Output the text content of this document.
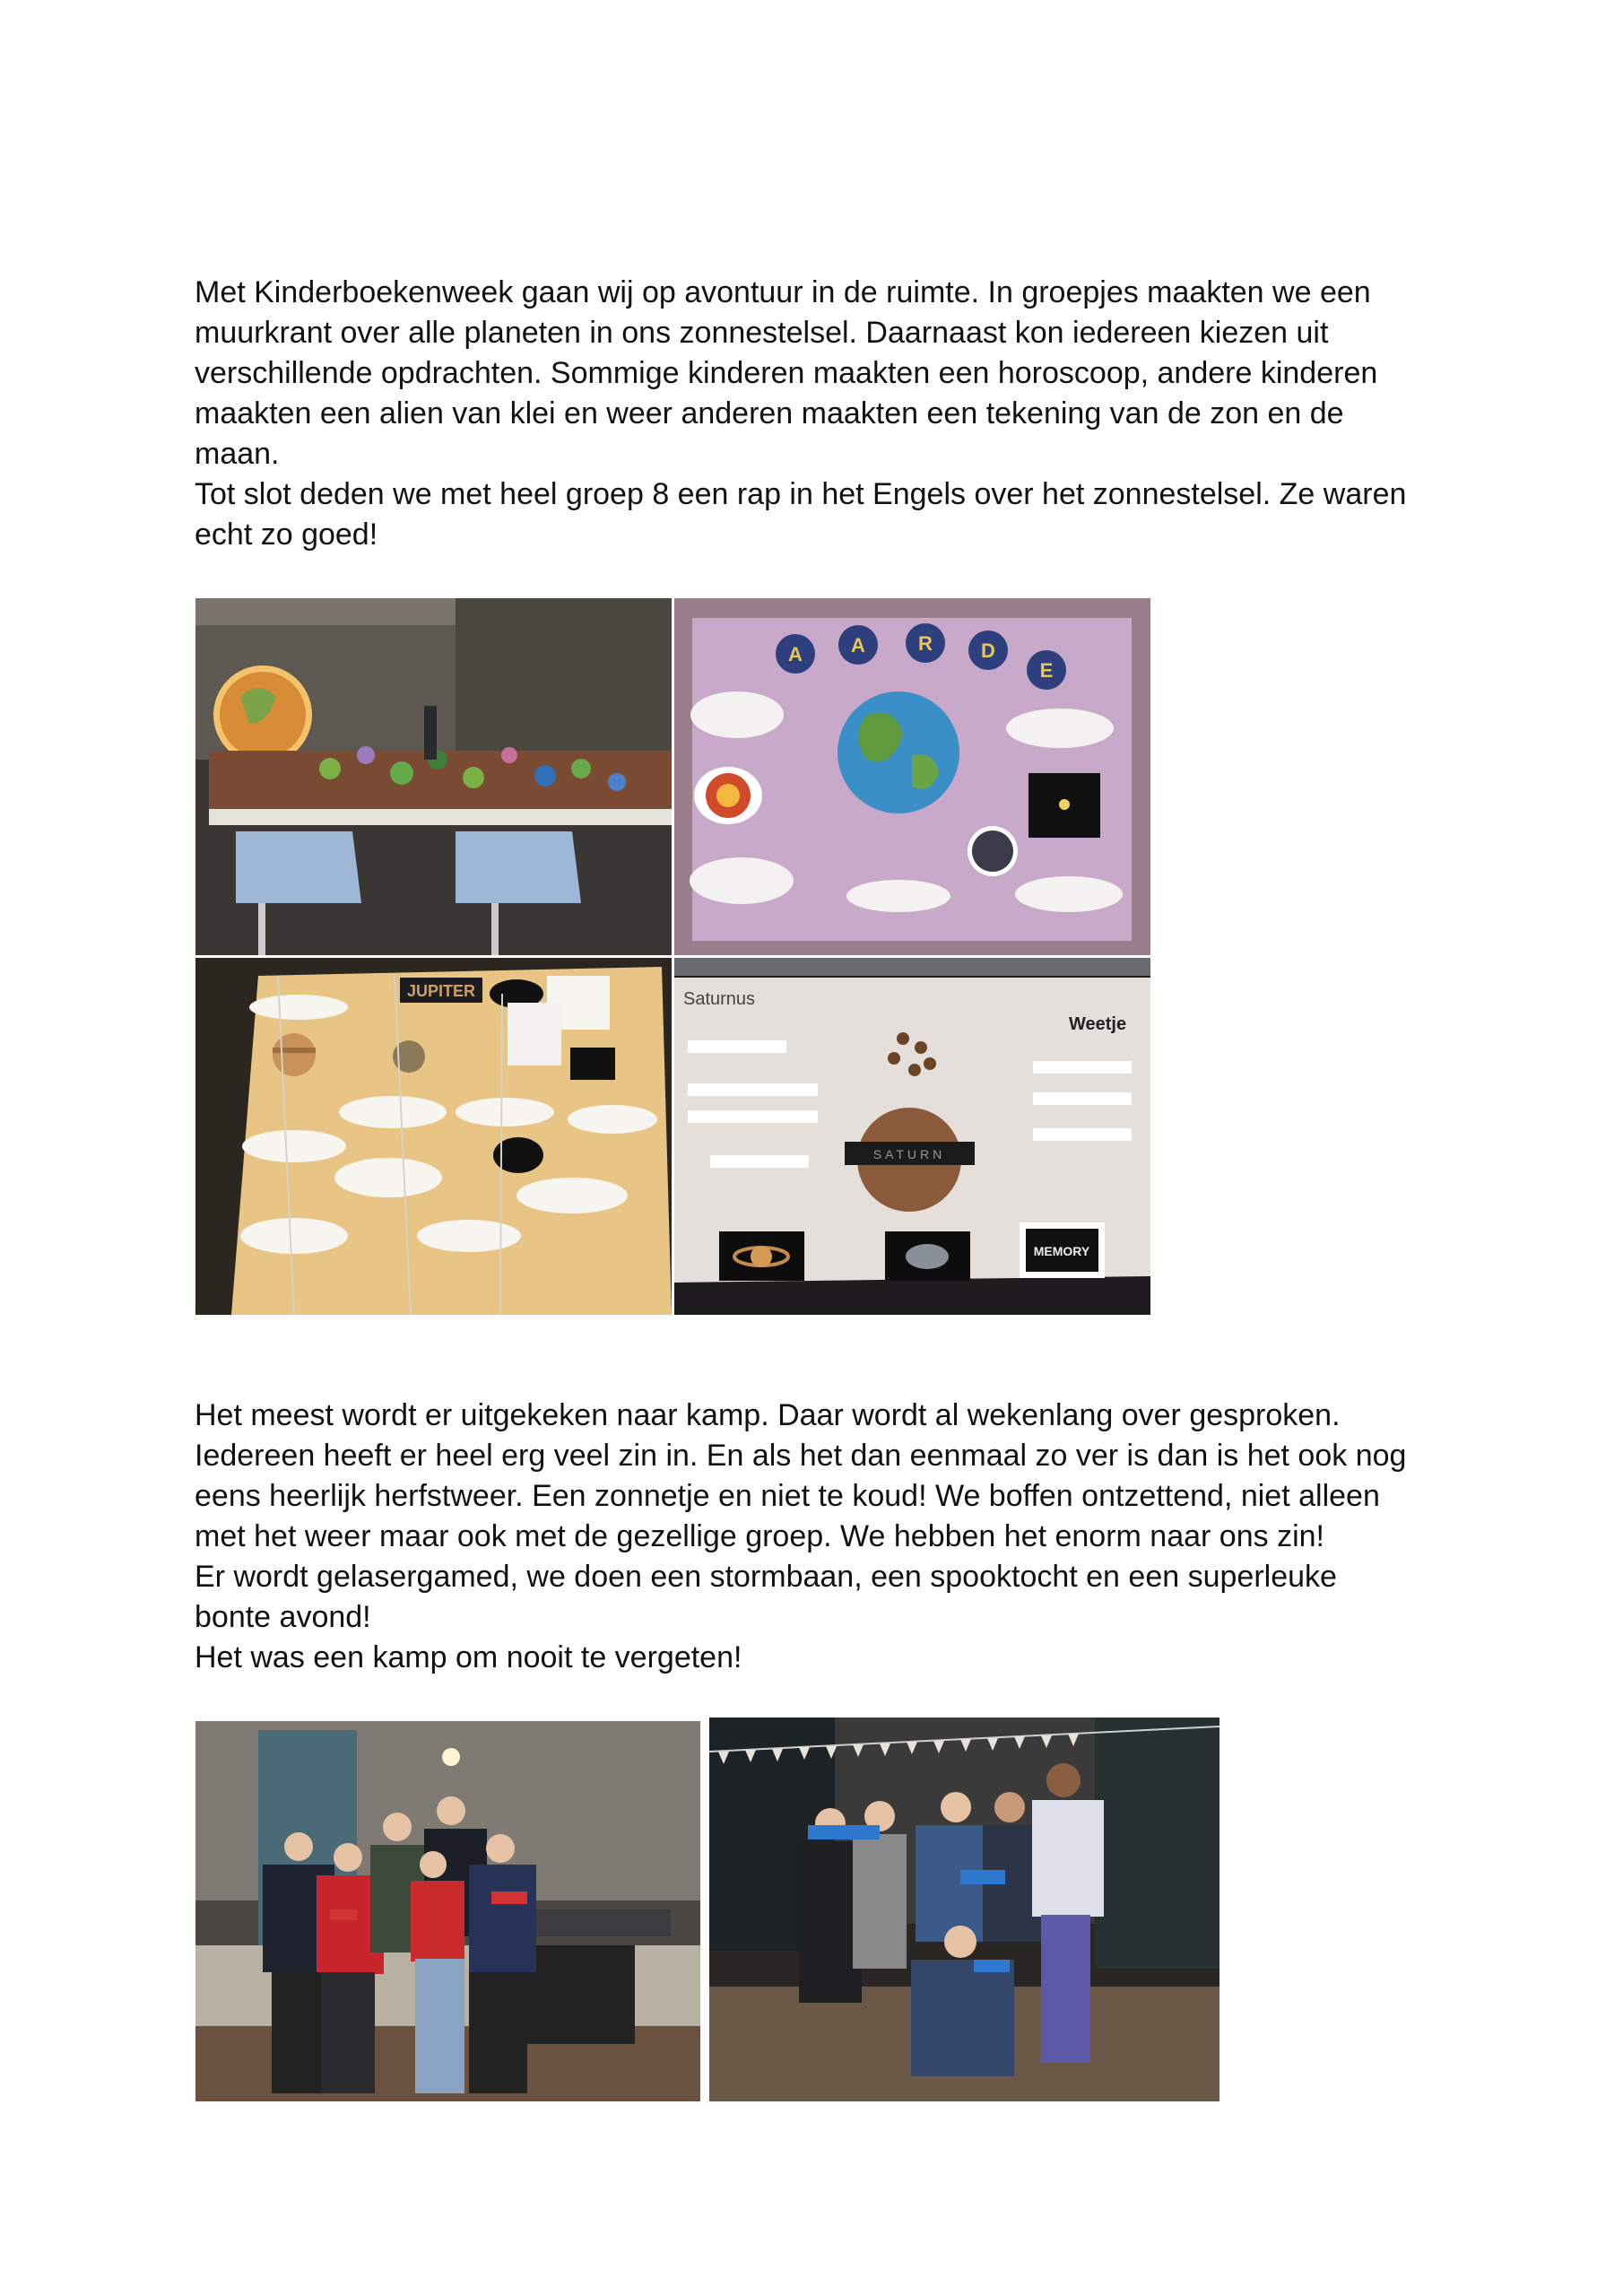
Met Kinderboekenweek gaan wij op avontuur in de ruimte. In groepjes maakten we een

muurkrant over alle planeten in ons zonnestelsel. Daarnaast kon iedereen kiezen uit

verschillende opdrachten. Sommige kinderen maakten een horoscoop, andere kinderen

maakten een alien van klei en weer anderen maakten een tekening van de zon en de

maan.

Tot slot deden we met heel groep 8 een rap in het Engels over het zonnestelsel. Ze waren

echt zo goed!

A A	R D
E
JUPITER	Saturnus
Weetje
SATURN
MEMORY

Het meest wordt er uitgekeken naar kamp. Daar wordt al wekenlang over gesproken.

Iedereen heeft er heel erg veel zin in. En als het dan eenmaal zo ver is dan is het ook nog

eens heerlijk herfstweer. Een zonnetje en niet te koud! We boffen ontzettend, niet alleen

met het weer maar ook met de gezellige groep. We hebben het enorm naar ons zin!

Er wordt gelasergamed, we doen een stormbaan, een spooktocht en een superleuke

bonte avond!

Het was een kamp om nooit te vergeten!
